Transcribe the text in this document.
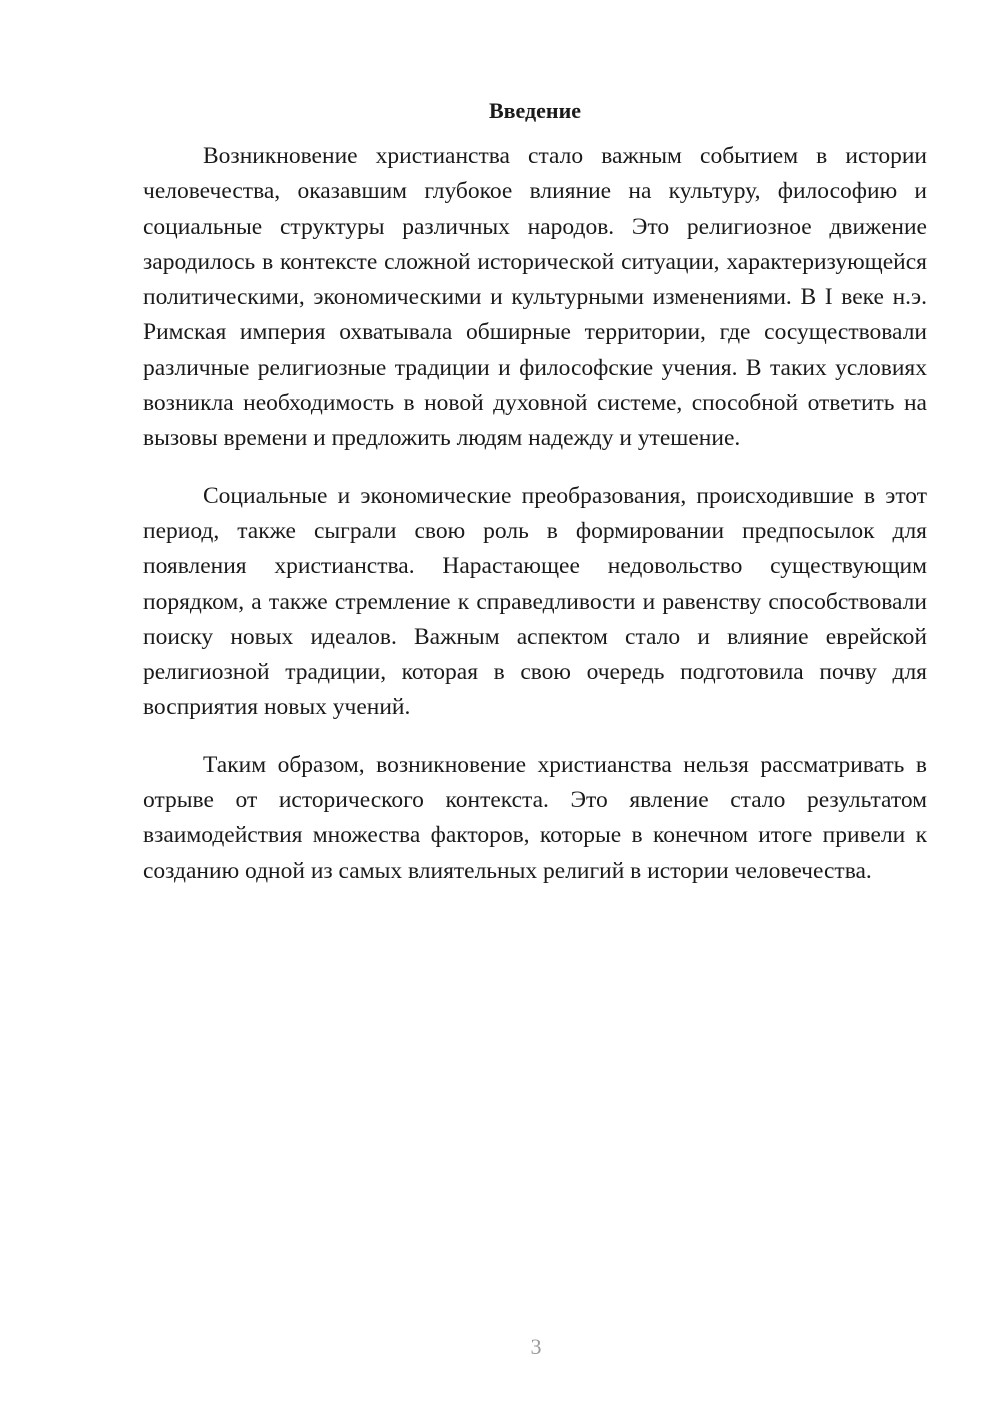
Введение

Возникновение христианства стало важным событием в истории человечества, оказавшим глубокое влияние на культуру, философию и социальные структуры различных народов. Это религиозное движение зародилось в контексте сложной исторической ситуации, характеризующейся политическими, экономическими и культурными изменениями. В I веке н.э. Римская империя охватывала обширные территории, где сосуществовали различные религиозные традиции и философские учения. В таких условиях возникла необходимость в новой духовной системе, способной ответить на вызовы времени и предложить людям надежду и утешение.

Социальные и экономические преобразования, происходившие в этот период, также сыграли свою роль в формировании предпосылок для появления христианства. Нарастающее недовольство существующим порядком, а также стремление к справедливости и равенству способствовали поиску новых идеалов. Важным аспектом стало и влияние еврейской религиозной традиции, которая в свою очередь подготовила почву для восприятия новых учений.

Таким образом, возникновение христианства нельзя рассматривать в отрыве от исторического контекста. Это явление стало результатом взаимодействия множества факторов, которые в конечном итоге привели к созданию одной из самых влиятельных религий в истории человечества.

3
